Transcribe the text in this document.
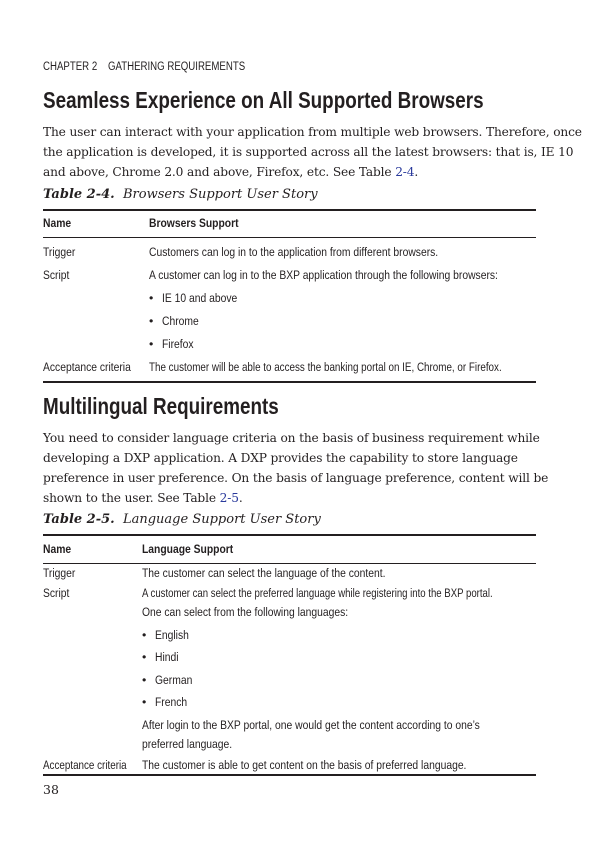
CHAPTER 2 GATHERING REQUIREMENTS
Seamless Experience on All Supported Browsers
The user can interact with your application from multiple web browsers. Therefore, once
the application is developed, it is supported across all the latest browsers: that is, IE 10
and above, Chrome 2.0 and above, Firefox, etc. See Table 2-4.
Table 2-4. Browsers Support User Story
Name	Browsers Support
Trigger	Customers can log in to the application from different browsers.
Script	A customer can log in to the BXP application through the following browsers:
• IE 10 and above
• Chrome
• Firefox
Acceptance criteria	The customer will be able to access the banking portal on IE, Chrome, or Firefox.
Multilingual Requirements
You need to consider language criteria on the basis of business requirement while
developing a DXP application. A DXP provides the capability to store language
preference in user preference. On the basis of language preference, content will be
shown to the user. See Table 2-5.
Table 2-5. Language Support User Story
Name	Language Support
Trigger	The customer can select the language of the content.
Script	A customer can select the preferred language while registering into the BXP portal.
One can select from the following languages:
• English
• Hindi
• German
• French
After login to the BXP portal, one would get the content according to one’s
preferred language.
Acceptance criteria	The customer is able to get content on the basis of preferred language.
38
